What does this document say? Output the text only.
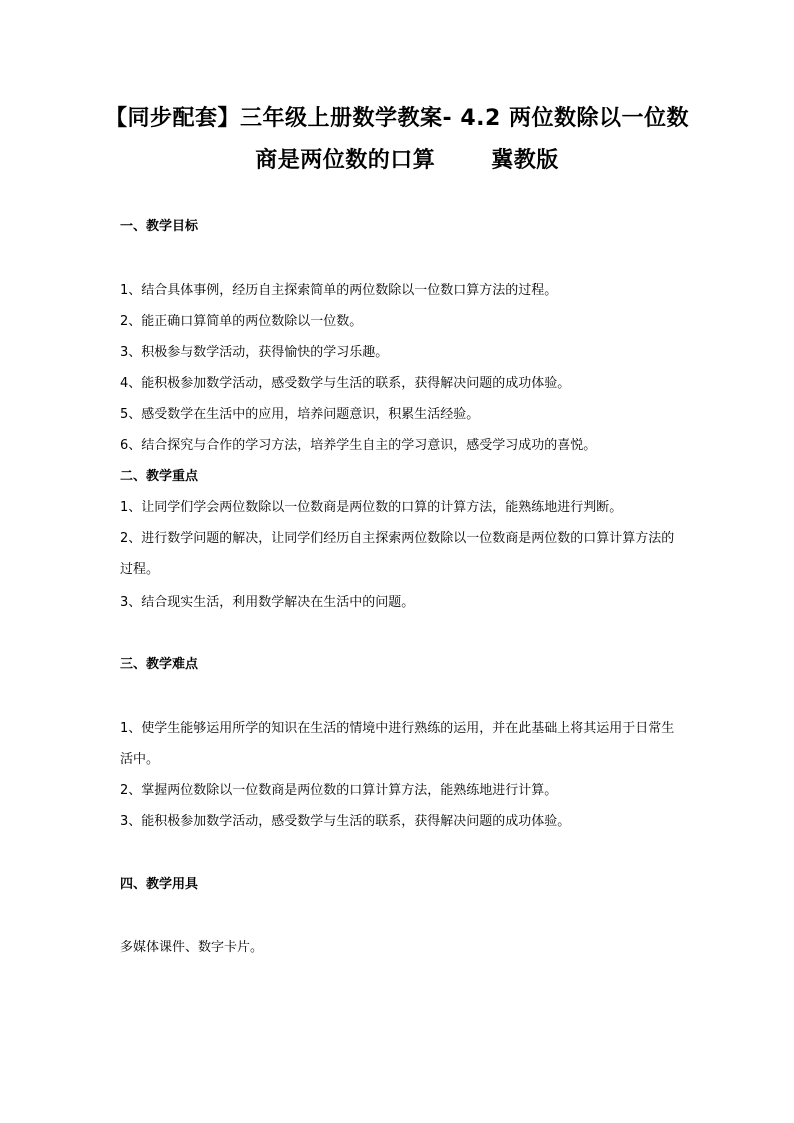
【同步配套】三年级上册数学教案- 4.2 两位数除以一位数
商是两位数的口算	冀教版
一、教学目标
1、结合具体事例，经历自主探索简单的两位数除以一位数口算方法的过程。
2、能正确口算简单的两位数除以一位数。
3、积极参与数学活动，获得愉快的学习乐趣。
4、能积极参加数学活动，感受数学与生活的联系，获得解决问题的成功体验。
5、感受数学在生活中的应用，培养问题意识，积累生活经验。
6、结合探究与合作的学习方法，培养学生自主的学习意识，感受学习成功的喜悦。
二、教学重点
1、让同学们学会两位数除以一位数商是两位数的口算的计算方法，能熟练地进行判断。
2、进行数学问题的解决，让同学们经历自主探索两位数除以一位数商是两位数的口算计算方法的过程。
3、结合现实生活，利用数学解决在生活中的问题。
三、教学难点
1、使学生能够运用所学的知识在生活的情境中进行熟练的运用，并在此基础上将其运用于日常生活中。
2、掌握两位数除以一位数商是两位数的口算计算方法，能熟练地进行计算。
3、能积极参加数学活动，感受数学与生活的联系，获得解决问题的成功体验。
四、教学用具
多媒体课件、数字卡片。
